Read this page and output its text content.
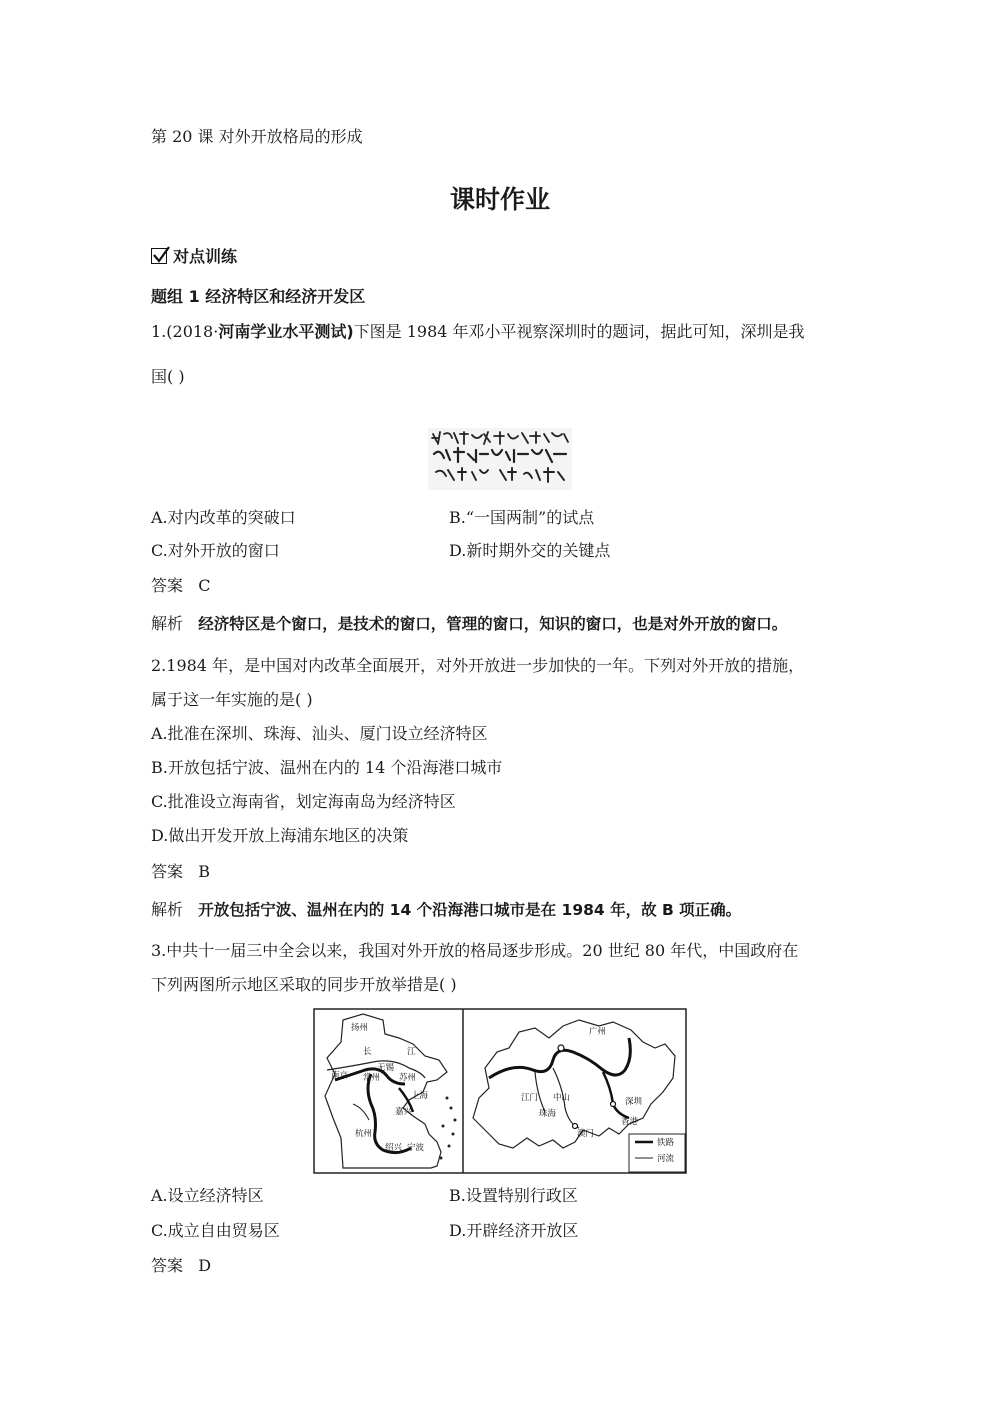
第 20 课 对外开放格局的形成
课时作业
对点训练
题组 1 经济特区和经济开发区
1.(2018·河南学业水平测试)下图是 1984 年邓小平视察深圳时的题词，据此可知，深圳是我
国( )
A.对内改革的突破口	B.“一国两制”的试点
C.对外开放的窗口	D.新时期外交的关键点
答案 C
解析 经济特区是个窗口，是技术的窗口，管理的窗口，知识的窗口，也是对外开放的窗口。
2.1984 年，是中国对内改革全面展开，对外开放进一步加快的一年。下列对外开放的措施，
属于这一年实施的是( )
A.批准在深圳、珠海、汕头、厦门设立经济特区
B.开放包括宁波、温州在内的 14 个沿海港口城市
C.批准设立海南省，划定海南岛为经济特区
D.做出开发开放上海浦东地区的决策
答案 B
解析 开放包括宁波、温州在内的 14 个沿海港口城市是在 1984 年，故 B 项正确。
3.中共十一届三中全会以来，我国对外开放的格局逐步形成。20 世纪 80 年代，中国政府在
下列两图所示地区采取的同步开放举措是( )
扬州
长	江
南京 常州
无锡
苏州
上海
嘉兴
杭州
绍兴 宁波
广州
江门 中山
珠海
深圳
香港
澳门
铁路
河流
A.设立经济特区	B.设置特别行政区
C.成立自由贸易区	D.开辟经济开放区
答案 D
